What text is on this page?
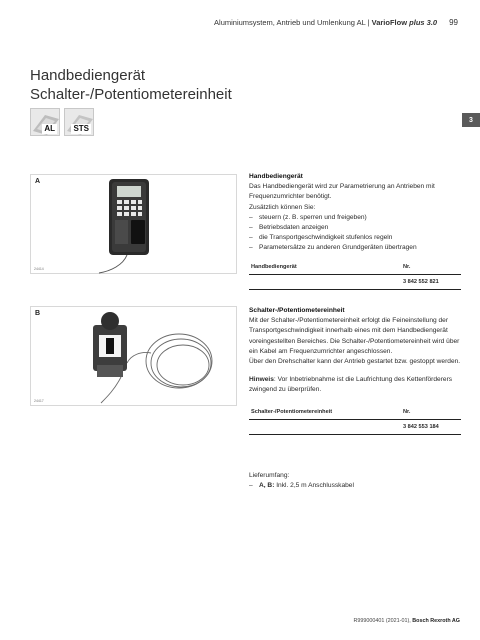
Aluminiumsystem, Antrieb und Umlenkung AL | VarioFlow plus 3.0 99
Handbediengerät
Schalter-/Potentiometereinheit
3
AL STS
A
24414
B
24417
Handbediengerät
Das Handbediengerät wird zur Parametrierung an Antrieben mit Frequenzumrichter benötigt.
Zusätzlich können Sie:
– steuern (z. B. sperren und freigeben)
– Betriebsdaten anzeigen
– die Transportgeschwindigkeit stufenlos regeln
– Parametersätze zu anderen Grundgeräten übertragen
Handbediengerät	Nr.
	3 842 552 821
Schalter-/Potentiometereinheit
Mit der Schalter-/Potentiometereinheit erfolgt die Feineinstellung der Transportgeschwindigkeit innerhalb eines mit dem Handbediengerät voreingestellten Bereiches. Die Schalter-/Potentiometereinheit wird über ein Kabel am Frequenzumrichter angeschlossen.
Über den Drehschalter kann der Antrieb gestartet bzw. gestoppt werden.
Hinweis: Vor Inbetriebnahme ist die Laufrichtung des Kettenförderers zwingend zu überprüfen.
Schalter-/Potentiometereinheit	Nr.
	3 842 553 184
Lieferumfang:
– A, B: Inkl. 2,5 m Anschlusskabel
R999000401 (2021-01), Bosch Rexroth AG
